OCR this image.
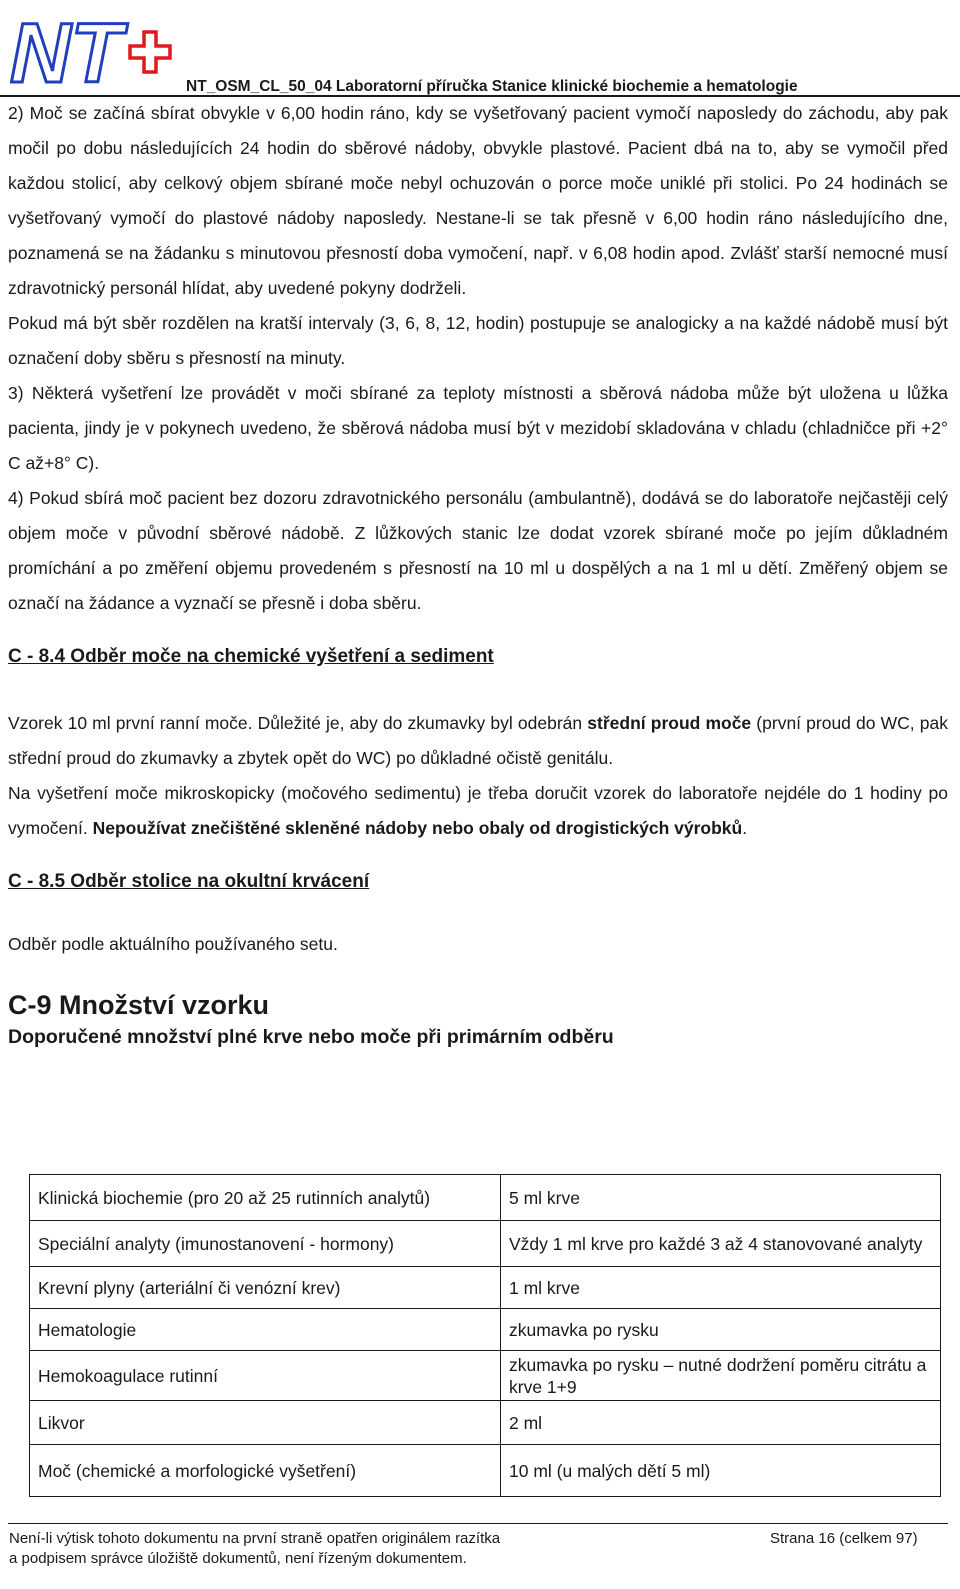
NT	NT_OSM_CL_50_04 Laboratorní příručka Stanice klinické biochemie a hematologie

2) Moč se začíná sbírat obvykle v 6,00 hodin ráno, kdy se vyšetřovaný pacient vymočí naposledy do záchodu, aby pak močil po dobu následujících 24 hodin do sběrové nádoby, obvykle plastové. Pacient dbá na to, aby se vymočil před každou stolicí, aby celkový objem sbírané moče nebyl ochuzován o porce moče uniklé při stolici. Po 24 hodinách se vyšetřovaný vymočí do plastové nádoby naposledy. Nestane-li se tak přesně v 6,00 hodin ráno následujícího dne, poznamená se na žádanku s minutovou přesností doba vymočení, např. v 6,08 hodin apod. Zvlášť starší nemocné musí zdravotnický personál hlídat, aby uvedené pokyny dodrželi.

Pokud má být sběr rozdělen na kratší intervaly (3, 6, 8, 12, hodin) postupuje se analogicky a na každé nádobě musí být označení doby sběru s přesností na minuty.

3) Některá vyšetření lze provádět v moči sbírané za teploty místnosti a sběrová nádoba může být uložena u lůžka pacienta, jindy je v pokynech uvedeno, že sběrová nádoba musí být v mezidobí skladována v chladu (chladničce při +2° C až+8° C).

4) Pokud sbírá moč pacient bez dozoru zdravotnického personálu (ambulantně), dodává se do laboratoře nejčastěji celý objem moče v původní sběrové nádobě. Z lůžkových stanic lze dodat vzorek sbírané moče po jejím důkladném promíchání a po změření objemu provedeném s přesností na 10 ml u dospělých a na 1 ml u dětí. Změřený objem se označí na žádance a vyznačí se přesně i doba sběru.

C - 8.4 Odběr moče na chemické vyšetření a sediment

Vzorek 10 ml první ranní moče. Důležité je, aby do zkumavky byl odebrán střední proud moče (první proud do WC, pak střední proud do zkumavky a zbytek opět do WC) po důkladné očistě genitálu.

Na vyšetření moče mikroskopicky (močového sedimentu) je třeba doručit vzorek do laboratoře nejdéle do 1 hodiny po vymočení. Nepoužívat znečištěné skleněné nádoby nebo obaly od drogistických výrobků.

C - 8.5 Odběr stolice na okultní krvácení

Odběr podle aktuálního používaného setu.

C-9 Množství vzorku

Doporučené množství plné krve nebo moče při primárním odběru

Klinická biochemie (pro 20 až 25 rutinních analytů)	5 ml krve
Speciální analyty (imunostanovení - hormony)	Vždy 1 ml krve pro každé 3 až 4 stanovované analyty
Krevní plyny (arteriální či venózní krev)	1 ml krve
Hematologie	zkumavka po rysku
Hemokoagulace rutinní	zkumavka po rysku – nutné dodržení poměru citrátu a krve 1+9
Likvor	2 ml
Moč (chemické a morfologické vyšetření)	10 ml (u malých dětí 5 ml)
Není-li výtisk tohoto dokumentu na první straně opatřen originálem razítka
a podpisem správce úložiště dokumentů, není řízeným dokumentem.
Strana 16 (celkem 97)
